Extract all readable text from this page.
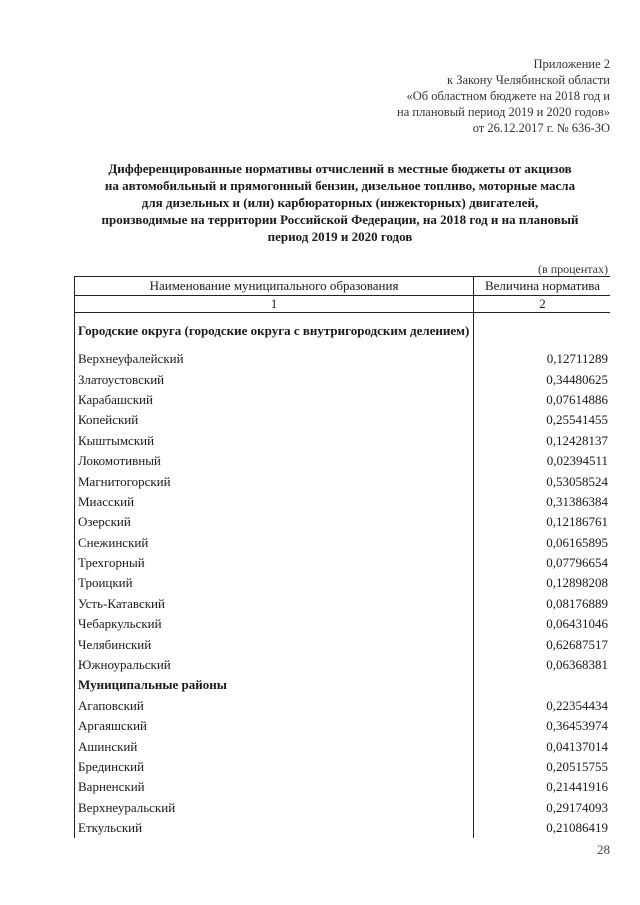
Приложение 2
к Закону Челябинской области
«Об областном бюджете на 2018 год и
на плановый период 2019 и 2020 годов»
от 26.12.2017 г. № 636-ЗО
Дифференцированные нормативы отчислений в местные бюджеты от акцизов
на автомобильный и прямогонный бензин, дизельное топливо, моторные масла
для дизельных и (или) карбюраторных (инжекторных) двигателей,
производимые на территории Российской Федерации, на 2018 год и на плановый
период 2019 и 2020 годов
(в процентах)
Наименование муниципального образования	Величина норматива
1	2
Городские округа (городские округа с внутригородским делением)	
Верхнеуфалейский	0,12711289
Златоустовский	0,34480625
Карабашский	0,07614886
Копейский	0,25541455
Кыштымский	0,12428137
Локомотивный	0,02394511
Магнитогорский	0,53058524
Миасский	0,31386384
Озерский	0,12186761
Снежинский	0,06165895
Трехгорный	0,07796654
Троицкий	0,12898208
Усть-Катавский	0,08176889
Чебаркульский	0,06431046
Челябинский	0,62687517
Южноуральский	0,06368381
Муниципальные районы	
Агаповский	0,22354434
Аргаяшский	0,36453974
Ашинский	0,04137014
Брединский	0,20515755
Варненский	0,21441916
Верхнеуральский	0,29174093
Еткульский	0,21086419
28
